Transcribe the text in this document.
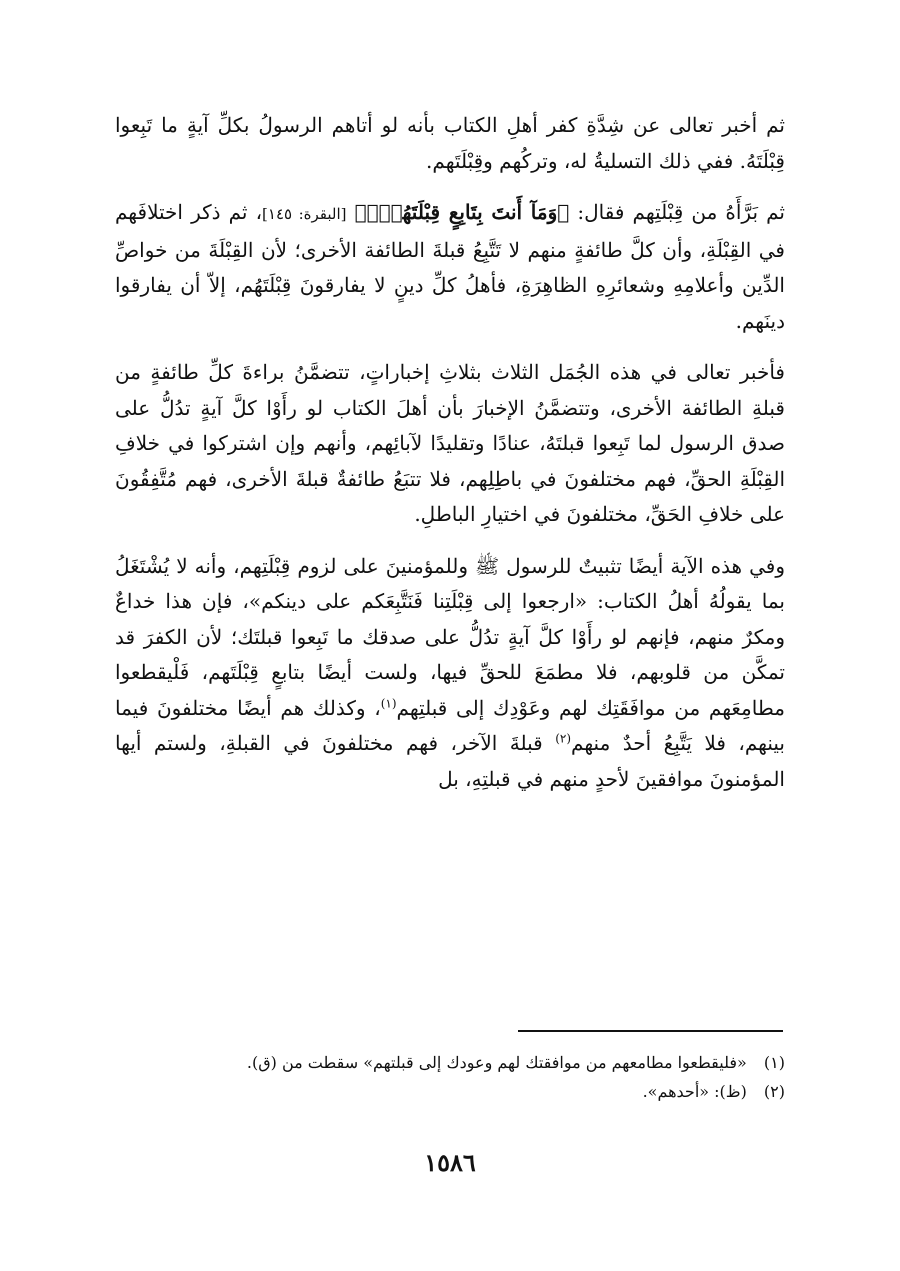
ثم أخبر تعالى عن شِدَّةِ كفر أهلِ الكتاب بأنه لو أتاهم الرسولُ بكلِّ آيةٍ ما تَبِعوا قِبْلَتَهُ. ففي ذلك التسليةُ له، وتركُهم وقِبْلَتَهم.

ثم بَرَّأَهُ من قِبْلَتِهم فقال: ﴿وَمَآ أَنتَ بِتَابِعٍ قِبْلَتَهُمْۚ﴾ [البقرة: ١٤٥]، ثم ذكر اختلافَهم في القِبْلَةِ، وأن كلَّ طائفةٍ منهم لا تَتَّبِعُ قبلةَ الطائفة الأخرى؛ لأن القِبْلَةَ من خواصِّ الدِّين وأعلامِهِ وشعائرِهِ الظاهِرَةِ، فأهلُ كلِّ دينٍ لا يفارقونَ قِبْلَتَهُم، إلاّ أن يفارقوا دينَهم.

فأخبر تعالى في هذه الجُمَل الثلاث بثلاثِ إخباراتٍ، تتضمَّنُ براءةَ كلِّ طائفةٍ من قبلةِ الطائفة الأخرى، وتتضمَّنُ الإخبارَ بأن أهلَ الكتاب لو رأَوْا كلَّ آيةٍ تدُلُّ على صدق الرسول لما تَبِعوا قبلتَهُ، عنادًا وتقليدًا لآبائِهم، وأنهم وإن اشتركوا في خلافِ القِبْلَةِ الحقِّ، فهم مختلفونَ في باطِلِهم، فلا تتبَعُ طائفةٌ قبلةَ الأخرى، فهم مُتَّفِقُونَ على خلافِ الحَقِّ، مختلفونَ في اختيارِ الباطلِ.

وفي هذه الآية أيضًا تثبيتٌ للرسول ﷺ وللمؤمنينَ على لزوم قِبْلَتِهم، وأنه لا يُشْتَغَلُ بما يقولُهُ أهلُ الكتاب: «ارجعوا إلى قِبْلَتِنا فَنَتَّبِعَكم على دينكم»، فإن هذا خداعٌ ومكرٌ منهم، فإنهم لو رأَوْا كلَّ آيةٍ تدُلُّ على صدقك ما تَبِعوا قبلتَك؛ لأن الكفرَ قد تمكَّن من قلوبهم، فلا مطمَعَ للحقِّ فيها، ولست أيضًا بتابعٍ قِبْلَتَهم، فَلْيقطعوا مطامِعَهم من موافَقَتِك لهم وعَوْدِك إلى قبلتِهم$^{(١)}$، وكذلك هم أيضًا مختلفونَ فيما بينهم، فلا يَتَّبِعُ أحدٌ منهم$^{(٢)}$ قبلةَ الآخر، فهم مختلفونَ في القبلةِ، ولستم أيها المؤمنونَ موافقينَ لأحدٍ منهم في قبلتِهِ، بل

(١) «فليقطعوا مطامعهم من موافقتك لهم وعودك إلى قبلتهم» سقطت من (ق).
(٢) (ظ): «أحدهم».
١٥٨٦
